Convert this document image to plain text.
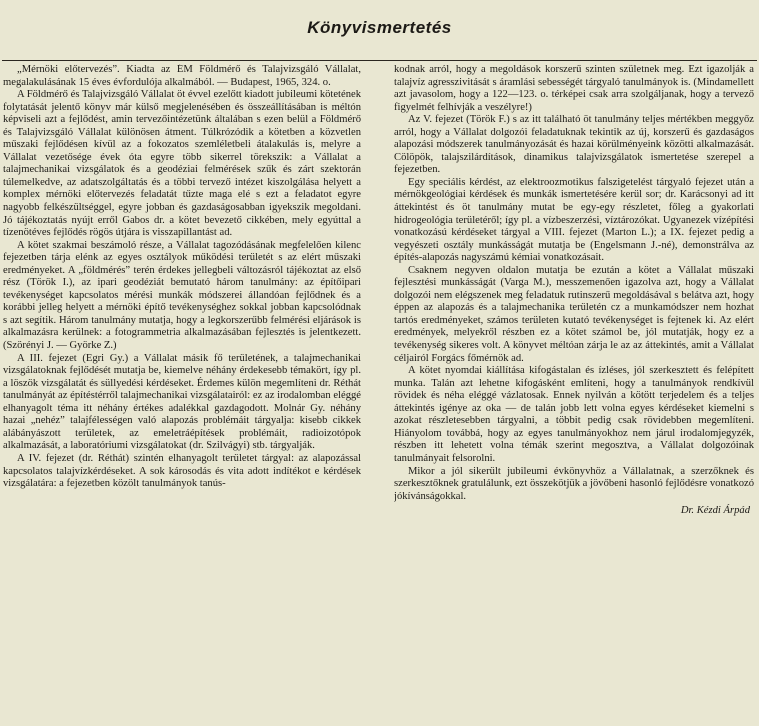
Könyvismertetés

„Mérnöki előtervezés”. Kiadta az ÉM Földmérő és Talajvizsgáló Vállalat, megalakulásának 15 éves évfordulója alkalmából. — Budapest, 1965, 324. o.

A Földmérő és Talajvizsgáló Vállalat öt évvel ezelőtt kiadott jubileumi kötetének folytatását jelentő könyv már külső megjelenésében és összeállításában is méltón képviseli azt a fejlődést, amin tervezőintézetünk általában s ezen belül a Földmérő és Talajvizsgáló Vállalat különösen átment. Túlkrózódik a kötetben a közvetlen műszaki fejlődésen kívül az a fokozatos szemléletbeli átalakulás is, melyre a Vállalat vezetősége évek óta egyre több sikerrel törekszik: a Vállalat a talajmechanikai vizsgálatok és a geodéziai felmérések szűk és zárt szektorán túlemelkedve, az adatszolgáltatás és a többi tervező intézet kiszolgálása helyett a komplex mérnöki előtervezés feladatát tűzte maga elé s ezt a feladatot egyre nagyobb felkészültséggel, egyre jobban és gazdaságosabban igyekszik megoldani. Jó tájékoztatás nyújt erről Gabos dr. a kötet bevezető cikkében, mely egyúttal a tízenötéves fejlődés rögös útjára is visszapillantást ad.

A kötet szakmai beszámoló része, a Vállalat tagozódásának megfelelően kilenc fejezetben tárja elénk az egyes osztályok működési területét s az elért műszaki eredményeket. A „földmérés” terén érdekes jellegbeli változásról tájékoztat az első rész (Török I.), az ipari geodéziát bemutató három tanulmány: az építőipari tevékenységet kapcsolatos mérési munkák módszerei állandóan fejlődnek és a korábbi jelleg helyett a mérnöki építő tevékenységhez sokkal jobban kapcsolódnak s azt segítik. Három tanulmány mutatja, hogy a legkorszerűbb felmérési eljárások is alkalmazásra kerülnek: a fotogrammetria alkalmazásában fejlesztés is jelentkezett. (Szörényi J. — Györke Z.)

A III. fejezet (Egri Gy.) a Vállalat másik fő területének, a talajmechanikai vizsgálatoknak fejlődését mutatja be, kiemelve néhány érdekesebb témakört, így pl. a löszök vizsgálatát és süllyedési kérdéseket. Érdemes külön megemlíteni dr. Réthát tanulmányát az építéstérről talajmechanikai vizsgálatairól: ez az irodalomban eléggé elhanyagolt téma itt néhány értékes adalékkal gazdagodott. Molnár Gy. néhány hazai „nehéz” talajfélességen való alapozás problémáit tárgyalja: kisebb cikkek alábányászott területek, az emeletráépítések problémáit, radioizotópok alkalmazását, a laboratóriumi vizsgálatokat (dr. Szilvágyi) stb. tárgyalják.

A IV. fejezet (dr. Réthát) szintén elhanyagolt területet tárgyal: az alapozással kapcsolatos talajvízkérdéseket. A sok károsodás és vita adott indítékot e kérdések vizsgálatára: a fejezetben közölt tanulmányok tanús-

kodnak arról, hogy a megoldások korszerű szinten születnek meg. Ezt igazolják a talajvíz agresszivitását s áramlási sebességét tárgyaló tanulmányok is. (Mindamellett azt javasolom, hogy a 122—123. o. térképei csak arra szolgáljanak, hogy a tervező figyelmét felhívják a veszélyre!)

Az V. fejezet (Török F.) s az itt található öt tanulmány teljes mértékben meggyőz arról, hogy a Vállalat dolgozói feladatuknak tekintik az új, korszerű és gazdaságos alapozási módszerek tanulmányozását és hazai körülményeink közötti alkalmazását. Cölöpök, talajszilárdítások, dinamikus talajvizsgálatok ismertetése szerepel a fejezetben.

Egy speciális kérdést, az elektroozmotikus falszigetelést tárgyaló fejezet után a mérnökgeológiai kérdések és munkák ismertetésére kerül sor; dr. Karácsonyi ad itt áttekintést és öt tanulmány mutat be egy-egy részletet, főleg a gyakorlati hidrogeológia területéről; így pl. a vízbeszerzési, víztározókat. Ugyanezek vízépítési vonatkozású kérdéseket tárgyal a VIII. fejezet (Marton L.); a IX. fejezet pedig a vegyészeti osztály munkásságát mutatja be (Engelsmann J.-né), demonstrálva az építés-alapozás nagyszámú kémiai vonatkozásait.

Csaknem negyven oldalon mutatja be ezután a kötet a Vállalat műszaki fejlesztési munkásságát (Varga M.), messzemenően igazolva azt, hogy a Vállalat dolgozói nem elégszenek meg feladatuk rutinszerű megoldásával s belátva azt, hogy éppen az alapozás és a talajmechanika területén cz a munkamódszer nem hozhat tartós eredményeket, számos területen kutató tevékenységet is fejtenek ki. Az elért eredmények, melyekről részben ez a kötet számol be, jól mutatják, hogy ez a tevékenység sikeres volt. A könyvet méltóan zárja le az az áttekintés, amit a Vállalat céljairól Forgács főmérnök ad.

A kötet nyomdai kiállítása kifogástalan és ízléses, jól szerkesztett és felépített munka. Talán azt lehetne kifogásként említeni, hogy a tanulmányok rendkívül rövidek és néha eléggé vázlatosak. Ennek nyilván a kötött terjedelem és a teljes áttekintés igénye az oka — de talán jobb lett volna egyes kérdéseket kiemelni s azokat részletesebben tárgyalni, a többit pedig csak rövidebben megemlíteni. Hiányolom továbbá, hogy az egyes tanulmányokhoz nem járul irodalomjegyzék, részben itt lehetett volna témák szerint megosztva, a Vállalat dolgozóinak tanulmányait felsorolni.

Mikor a jól sikerült jubileumi évkönyvhöz a Vállalatnak, a szerzőknek és szerkesztőknek gratulálunk, ezt összekötjük a jövőbeni hasonló fejlődésre vonatkozó jókívánságokkal.

Dr. Kézdi Árpád
